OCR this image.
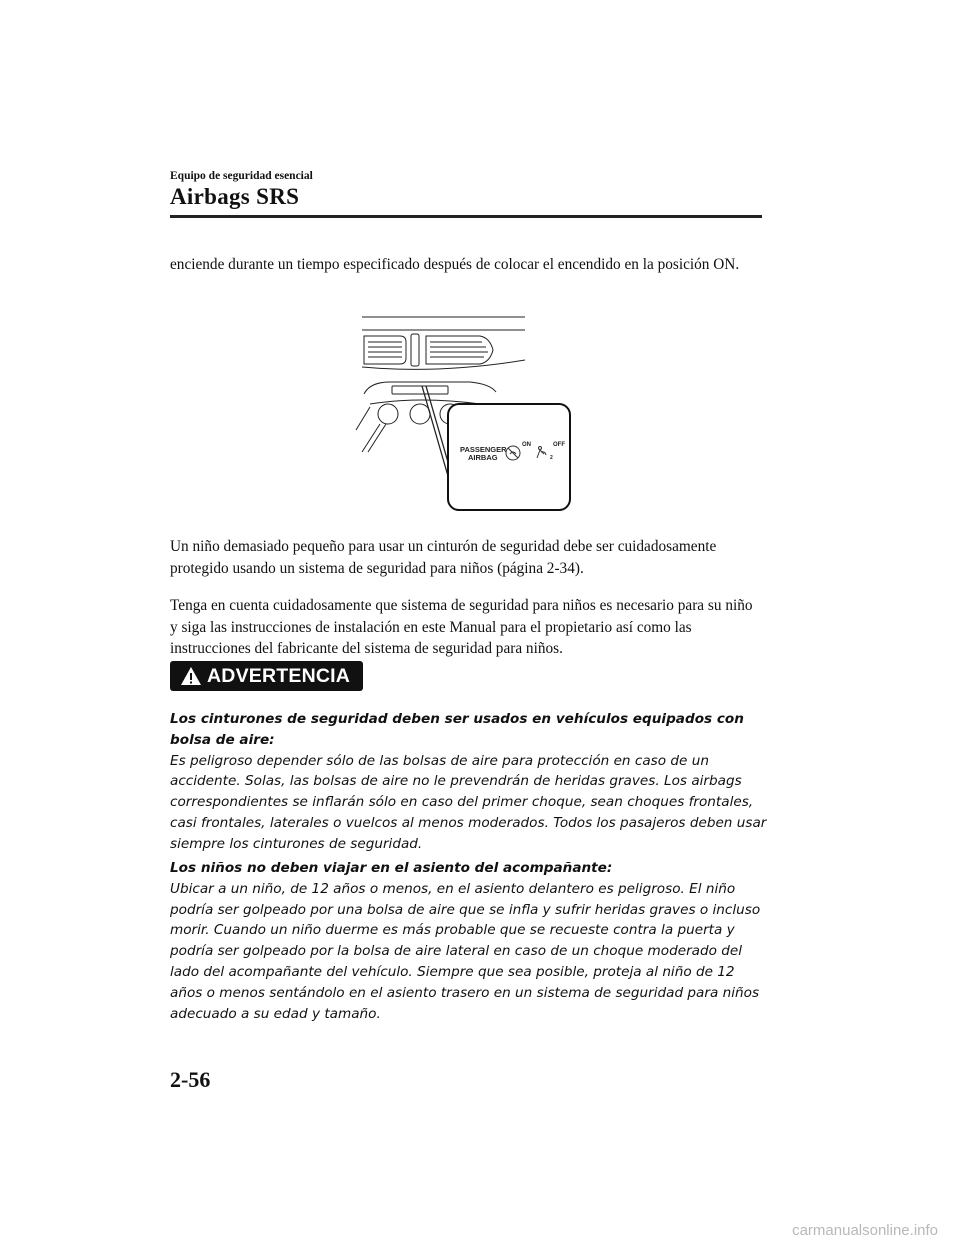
Equipo de seguridad esencial
Airbags SRS

enciende durante un tiempo especificado después de colocar el encendido en la posición ON.

PASSENGER
AIRBAG
ON	OFF
2

Un niño demasiado pequeño para usar un cinturón de seguridad debe ser cuidadosamente protegido usando un sistema de seguridad para niños (página 2-34).

Tenga en cuenta cuidadosamente que sistema de seguridad para niños es necesario para su niño y siga las instrucciones de instalación en este Manual para el propietario así como las instrucciones del fabricante del sistema de seguridad para niños.

ADVERTENCIA
Los cinturones de seguridad deben ser usados en vehículos equipados con bolsa de aire:
Es peligroso depender sólo de las bolsas de aire para protección en caso de un accidente. Solas, las bolsas de aire no le prevendrán de heridas graves. Los airbags correspondientes se inflarán sólo en caso del primer choque, sean choques frontales, casi frontales, laterales o vuelcos al menos moderados. Todos los pasajeros deben usar siempre los cinturones de seguridad.
Los niños no deben viajar en el asiento del acompañante:
Ubicar a un niño, de 12 años o menos, en el asiento delantero es peligroso. El niño podría ser golpeado por una bolsa de aire que se infla y sufrir heridas graves o incluso morir. Cuando un niño duerme es más probable que se recueste contra la puerta y podría ser golpeado por la bolsa de aire lateral en caso de un choque moderado del lado del acompañante del vehículo. Siempre que sea posible, proteja al niño de 12 años o menos sentándolo en el asiento trasero en un sistema de seguridad para niños adecuado a su edad y tamaño.
2-56
carmanualsonline.info
